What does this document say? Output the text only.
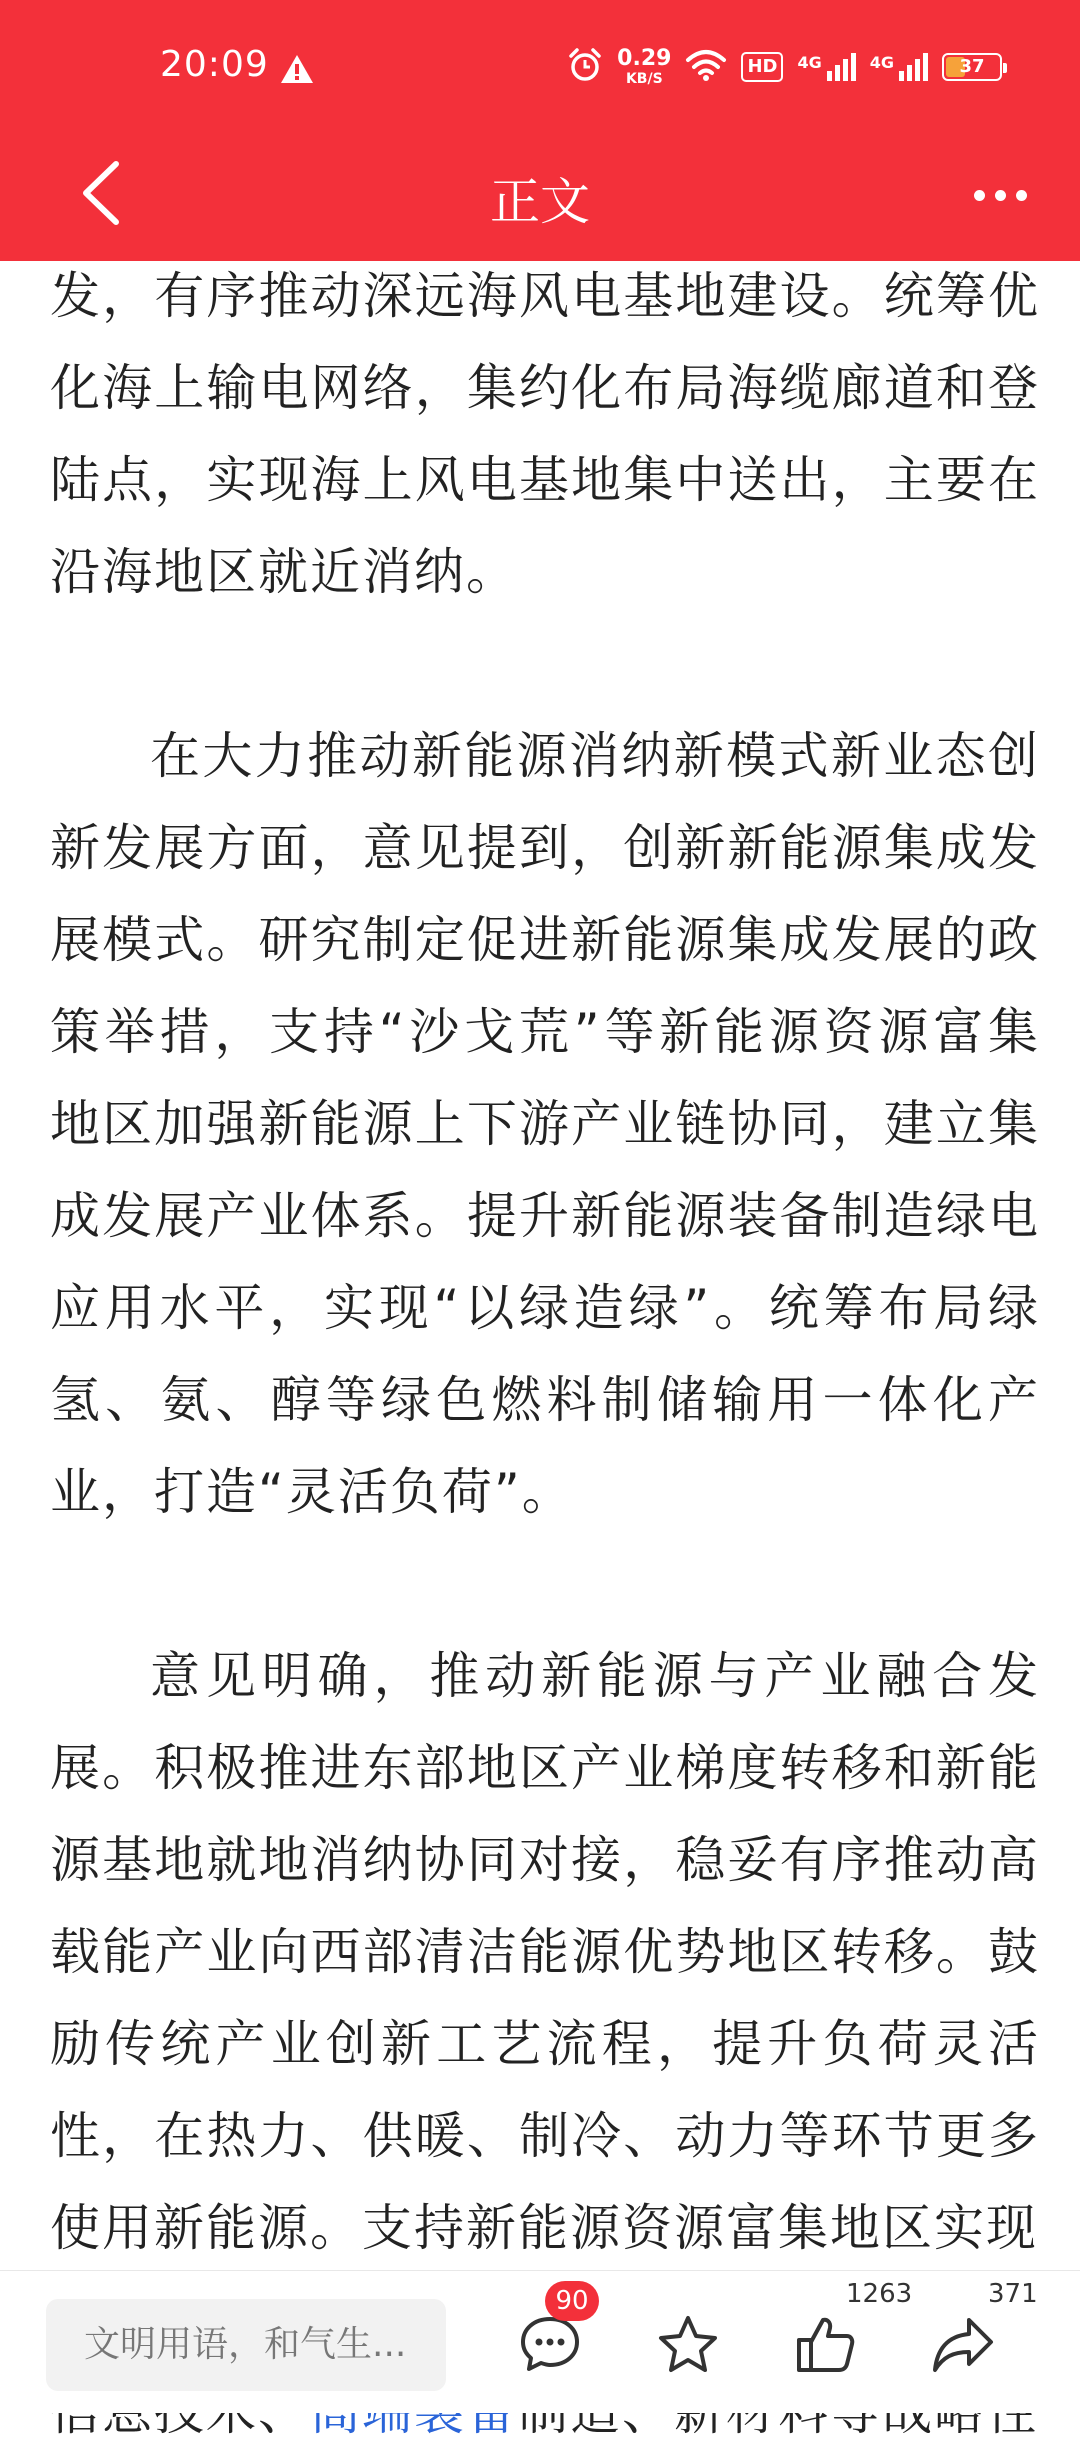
20:09	0.29
KB/S
HD	4G	4G	37
正文

发，有序推动深远海风电基地建设。统筹优化海上输电网络，集约化布局海缆廊道和登陆点，实现海上风电基地集中送出，主要在沿海地区就近消纳。

在大力推动新能源消纳新模式新业态创新发展方面，意见提到，创新新能源集成发展模式。研究制定促进新能源集成发展的政策举措，支持“沙戈荒”等新能源资源富集地区加强新能源上下游产业链协同，建立集成发展产业体系。提升新能源装备制造绿电应用水平，实现“以绿造绿”。统筹布局绿氢、氨、醇等绿色燃料制储输用一体化产业，打造“灵活负荷”。

意见明确，推动新能源与产业融合发展。积极推进东部地区产业梯度转移和新能源基地就地消纳协同对接，稳妥有序推动高载能产业向西部清洁能源优势地区转移。鼓励传统产业创新工艺流程，提升负荷灵活性，在热力、供暖、制冷、动力等环节更多使用新能源。支持新能源资源富集地区实现

文明用语，和气生...
90	1263	371
